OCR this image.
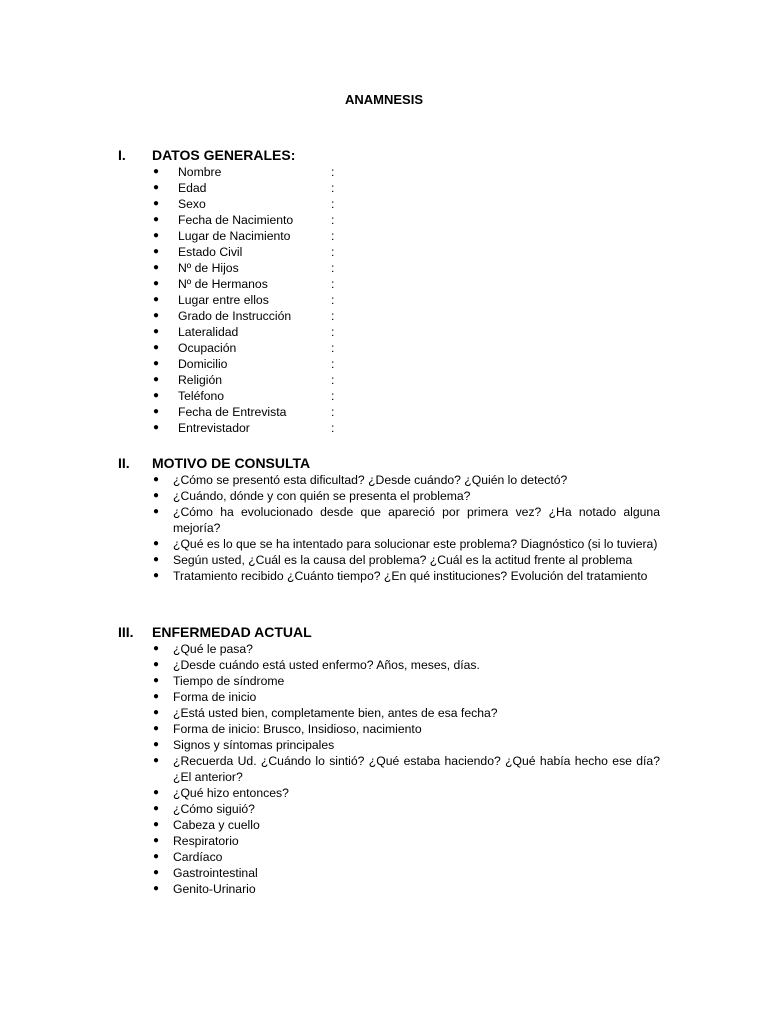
ANAMNESIS
I. DATOS GENERALES:
● Nombre	:
● Edad	:
● Sexo	:
● Fecha de Nacimiento	:
● Lugar de Nacimiento	:
● Estado Civil	:
● Nº de Hijos	:
● Nº de Hermanos	:
● Lugar entre ellos	:
● Grado de Instrucción	:
● Lateralidad	:
● Ocupación	:
● Domicilio	:
● Religión	:
● Teléfono	:
● Fecha de Entrevista	:
● Entrevistador	:
II. MOTIVO DE CONSULTA
● ¿Cómo se presentó esta dificultad? ¿Desde cuándo? ¿Quién lo detectó?
● ¿Cuándo, dónde y con quién se presenta el problema?
● ¿Cómo ha evolucionado desde que apareció por primera vez? ¿Ha notado alguna mejoría?
● ¿Qué es lo que se ha intentado para solucionar este problema? Diagnóstico (si lo tuviera)
● Según usted, ¿Cuál es la causa del problema? ¿Cuál es la actitud frente al problema
● Tratamiento recibido ¿Cuánto tiempo? ¿En qué instituciones? Evolución del tratamiento
III. ENFERMEDAD ACTUAL
● ¿Qué le pasa?
● ¿Desde cuándo está usted enfermo? Años, meses, días.
● Tiempo de síndrome
● Forma de inicio
● ¿Está usted bien, completamente bien, antes de esa fecha?
● Forma de inicio: Brusco, Insidioso, nacimiento
● Signos y síntomas principales
● ¿Recuerda Ud. ¿Cuándo lo sintió? ¿Qué estaba haciendo? ¿Qué había hecho ese día? ¿El anterior?
● ¿Qué hizo entonces?
● ¿Cómo siguió?
● Cabeza y cuello
● Respiratorio
● Cardíaco
● Gastrointestinal
● Genito-Urinario
